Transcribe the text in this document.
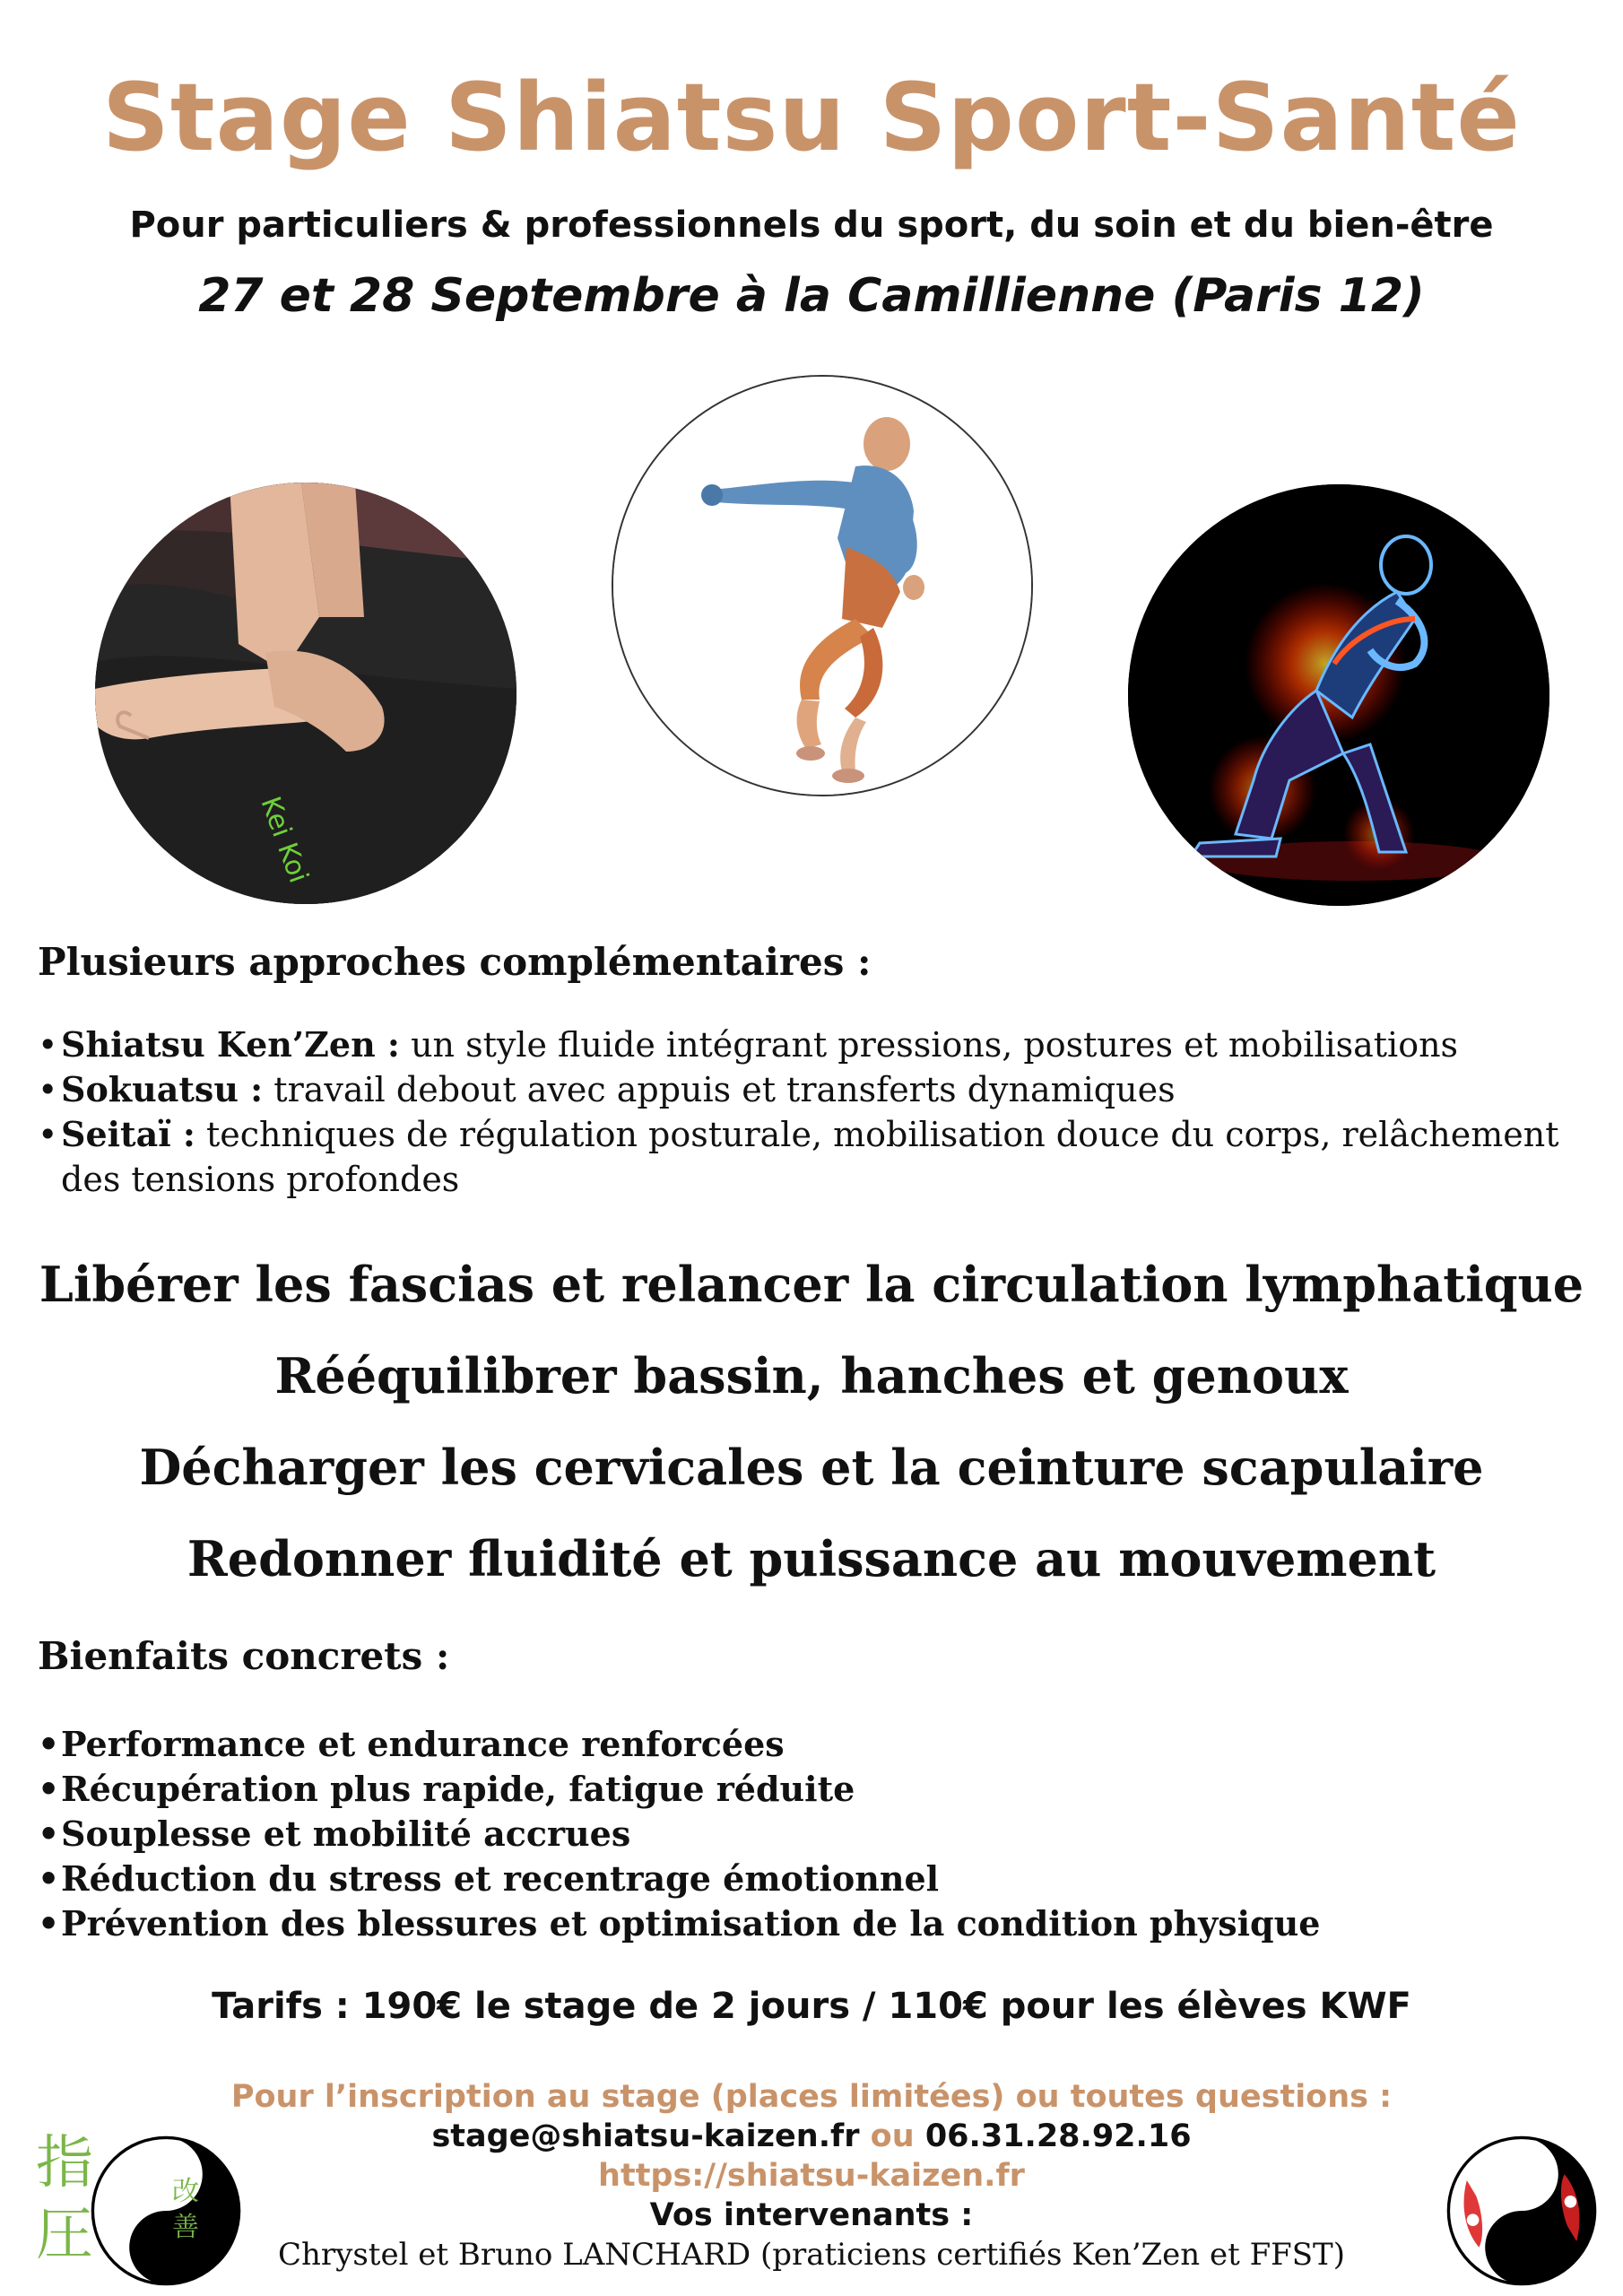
Stage Shiatsu Sport-Santé
Pour particuliers & professionnels du sport, du soin et du bien-être
27 et 28 Septembre à la Camillienne (Paris 12)
Kei Koi
Plusieurs approches complémentaires :
• Shiatsu Ken’Zen : un style fluide intégrant pressions, postures et mobilisations
• Sokuatsu : travail debout avec appuis et transferts dynamiques
• Seitaï : techniques de régulation posturale, mobilisation douce du corps, relâchement des tensions profondes
Libérer les fascias et relancer la circulation lymphatique
Rééquilibrer bassin, hanches et genoux
Décharger les cervicales et la ceinture scapulaire
Redonner fluidité et puissance au mouvement
Bienfaits concrets :
• Performance et endurance renforcées
• Récupération plus rapide, fatigue réduite
• Souplesse et mobilité accrues
• Réduction du stress et recentrage émotionnel
• Prévention des blessures et optimisation de la condition physique
Tarifs : 190€ le stage de 2 jours / 110€ pour les élèves KWF
Pour l’inscription au stage (places limitées) ou toutes questions :
stage@shiatsu-kaizen.fr ou 06.31.28.92.16
https://shiatsu-kaizen.fr
Vos intervenants :
Chrystel et Bruno LANCHARD (praticiens certifiés Ken’Zen et FFST)
指
圧
改
善
